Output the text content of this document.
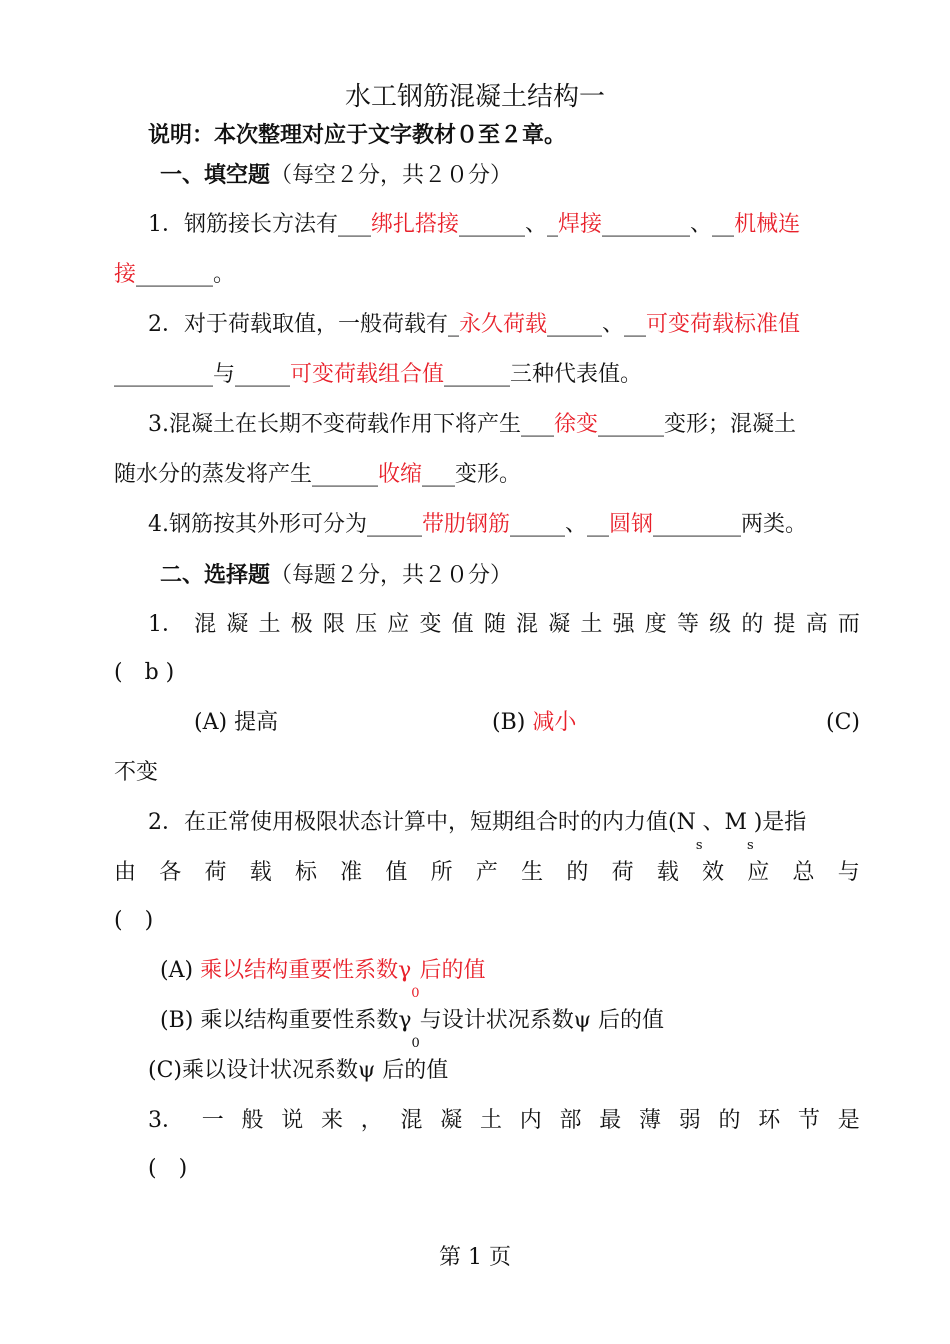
水工钢筋混凝土结构一
说明：本次整理对应于文字教材０至２章。
一、填空题（每空２分，共２０分）
1．钢筋接长方法有___绑扎搭接______、_焊接________、__机械连
接_______。
2．对于荷载取值，一般荷载有_永久荷载_____、__可变荷载标准值
_________与_____可变荷载组合值______三种代表值。
3.混凝土在长期不变荷载作用下将产生___徐变______变形；混凝土
随水分的蒸发将产生______收缩___变形。
4.钢筋按其外形可分为_____带肋钢筋_____、__圆钢________两类。
二、选择题（每题２分，共２０分）
1． 混 凝 土 极 限 压 应 变 值 随 混 凝 土 强 度 等 级 的 提 高 而
(　b )
(A) 提高	(B) 减小	(C)
不变
2．在正常使用极限状态计算中，短期组合时的内力值($N_s$、$M_s$)是指
由 各 荷 载 标 准 值 所 产 生 的 荷 载 效 应 总 与
(　)
(A) 乘以结构重要性系数$\gamma_0$后的值
(B) 乘以结构重要性系数$\gamma_0$与设计状况系数ψ 后的值
(C)乘以设计状况系数ψ 后的值
3． 一 般 说 来 ， 混 凝 土 内 部 最 薄 弱 的 环 节 是
(　)
第 1 页
